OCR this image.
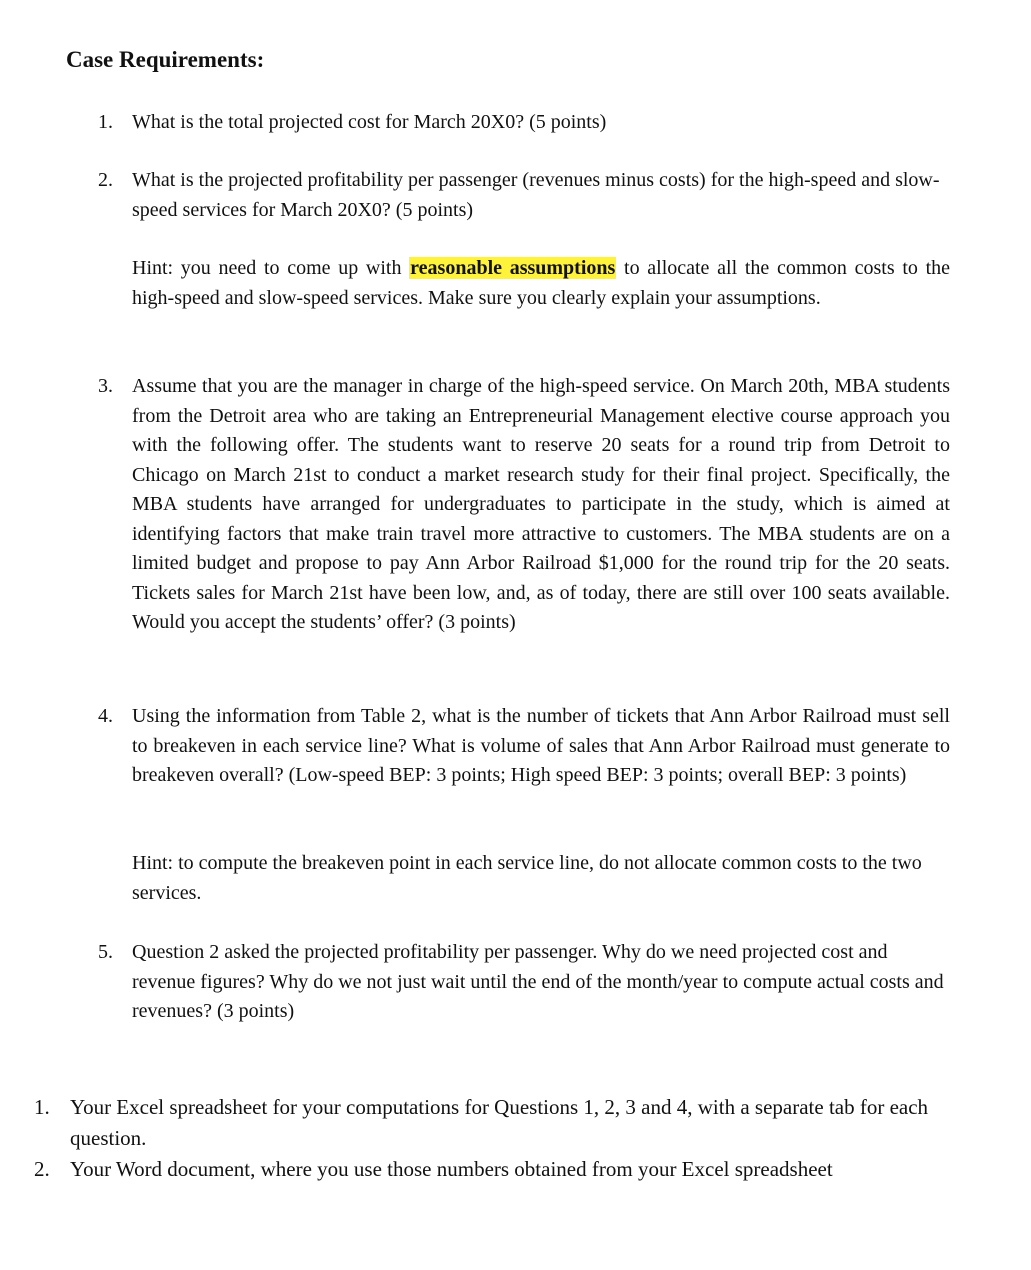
Case Requirements:
1. What is the total projected cost for March 20X0? (5 points)

2. What is the projected profitability per passenger (revenues minus costs) for the high-speed and slow-speed services for March 20X0? (5 points)

Hint: you need to come up with reasonable assumptions to allocate all the common costs to the high-speed and slow-speed services. Make sure you clearly explain your assumptions.

3. Assume that you are the manager in charge of the high-speed service. On March 20th, MBA students from the Detroit area who are taking an Entrepreneurial Management elective course approach you with the following offer. The students want to reserve 20 seats for a round trip from Detroit to Chicago on March 21st to conduct a market research study for their final project. Specifically, the MBA students have arranged for undergraduates to participate in the study, which is aimed at identifying factors that make train travel more attractive to customers. The MBA students are on a limited budget and propose to pay Ann Arbor Railroad $1,000 for the round trip for the 20 seats. Tickets sales for March 21st have been low, and, as of today, there are still over 100 seats available. Would you accept the students’ offer? (3 points)

4. Using the information from Table 2, what is the number of tickets that Ann Arbor Railroad must sell to breakeven in each service line? What is volume of sales that Ann Arbor Railroad must generate to breakeven overall? (Low-speed BEP: 3 points; High speed BEP: 3 points; overall BEP: 3 points)

Hint: to compute the breakeven point in each service line, do not allocate common costs to the two services.

5. Question 2 asked the projected profitability per passenger. Why do we need projected cost and revenue figures? Why do we not just wait until the end of the month/year to compute actual costs and revenues? (3 points)

1. Your Excel spreadsheet for your computations for Questions 1, 2, 3 and 4, with a separate tab for each question.

2. Your Word document, where you use those numbers obtained from your Excel spreadsheet
